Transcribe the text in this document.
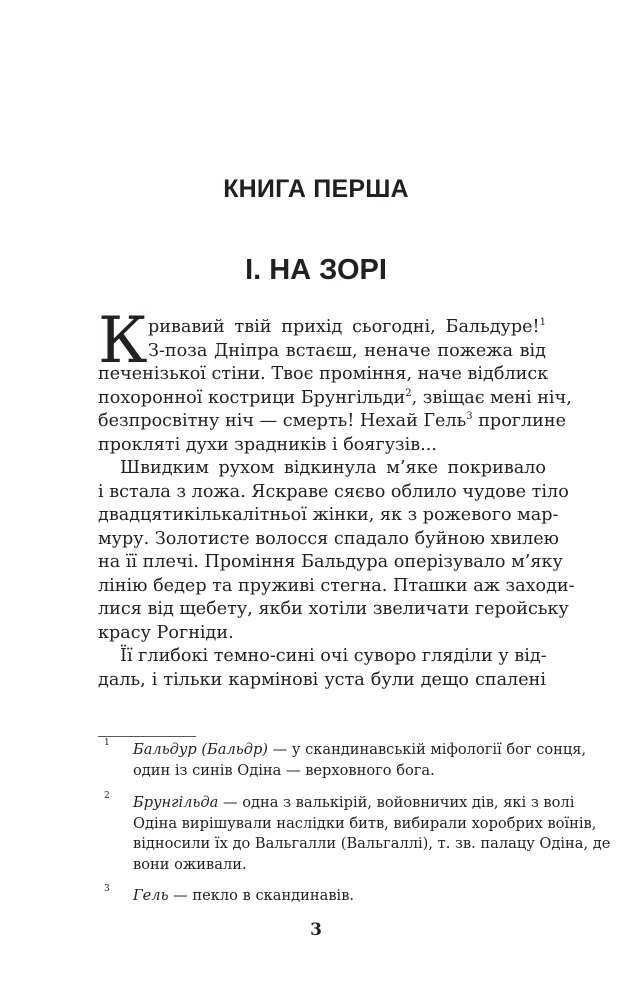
КНИГА ПЕРША
І. НА ЗОРІ
К ривавий твій прихід сьогодні, Бальдуре!$^1$
З-поза Дніпра встаєш, неначе пожежа від
печенізької стіни. Твоє проміння, наче відблиск
похоронної кострици Брунгільди$^2$, звіщає мені ніч,
безпросвітну ніч — смерть! Нехай Гель$^3$ проглине
прокляті духи зрадників і боягузів...
Швидким рухом відкинула м’яке покривало
і встала з ложа. Яскраве сяєво облило чудове тіло
двадцятикількалітньої жінки, як з рожевого мар-
муру. Золотисте волосся спадало буйною хвилею
на її плечі. Проміння Бальдура оперізувало м’яку
лінію бедер та пруживі стегна. Пташки аж заходи-
лися від щебету, якби хотіли звеличати геройську
красу Рогніди.
Її глибокі темно-сині очі суворо гляділи у від-
даль, і тільки кармінові уста були дещо спалені
1 Бальдур (Бальдр) — у скандинавській міфології бог сонця,
один із синів Одіна — верховного бога.
2 Брунгільда — одна з валькірій, войовничих дів, які з волі
Одіна вирішували наслідки битв, вибирали хоробрих воїнів,
відносили їх до Вальгалли (Вальгаллі), т. зв. палацу Одіна, де
вони оживали.
3 Гель — пекло в скандинавів.
3
